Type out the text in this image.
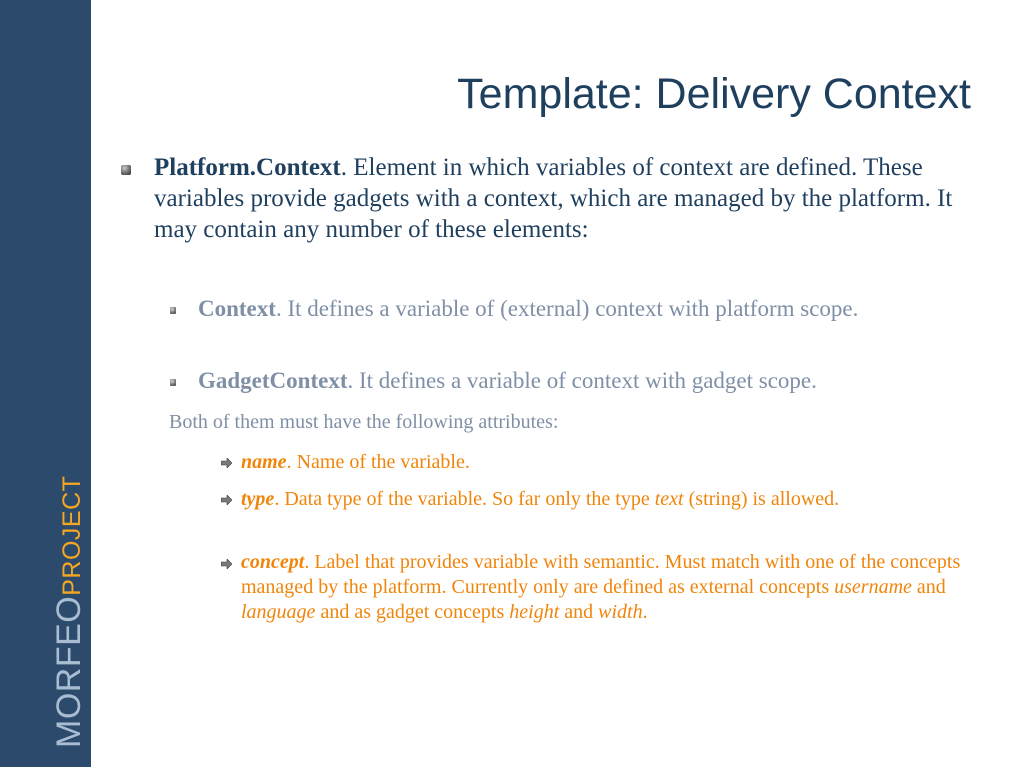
MORFEOPROJECT
Template: Delivery Context
Platform.Context. Element in which variables of context are defined. These variables provide gadgets with a context, which are managed by the platform. It may contain any number of these elements:
Context. It defines a variable of (external) context with platform scope.
GadgetContext. It defines a variable of context with gadget scope.
Both of them must have the following attributes:
name. Name of the variable.
type. Data type of the variable. So far only the type text (string) is allowed.
concept. Label that provides variable with semantic. Must match with one of the concepts managed by the platform. Currently only are defined as external concepts username and language and as gadget concepts height and width.
